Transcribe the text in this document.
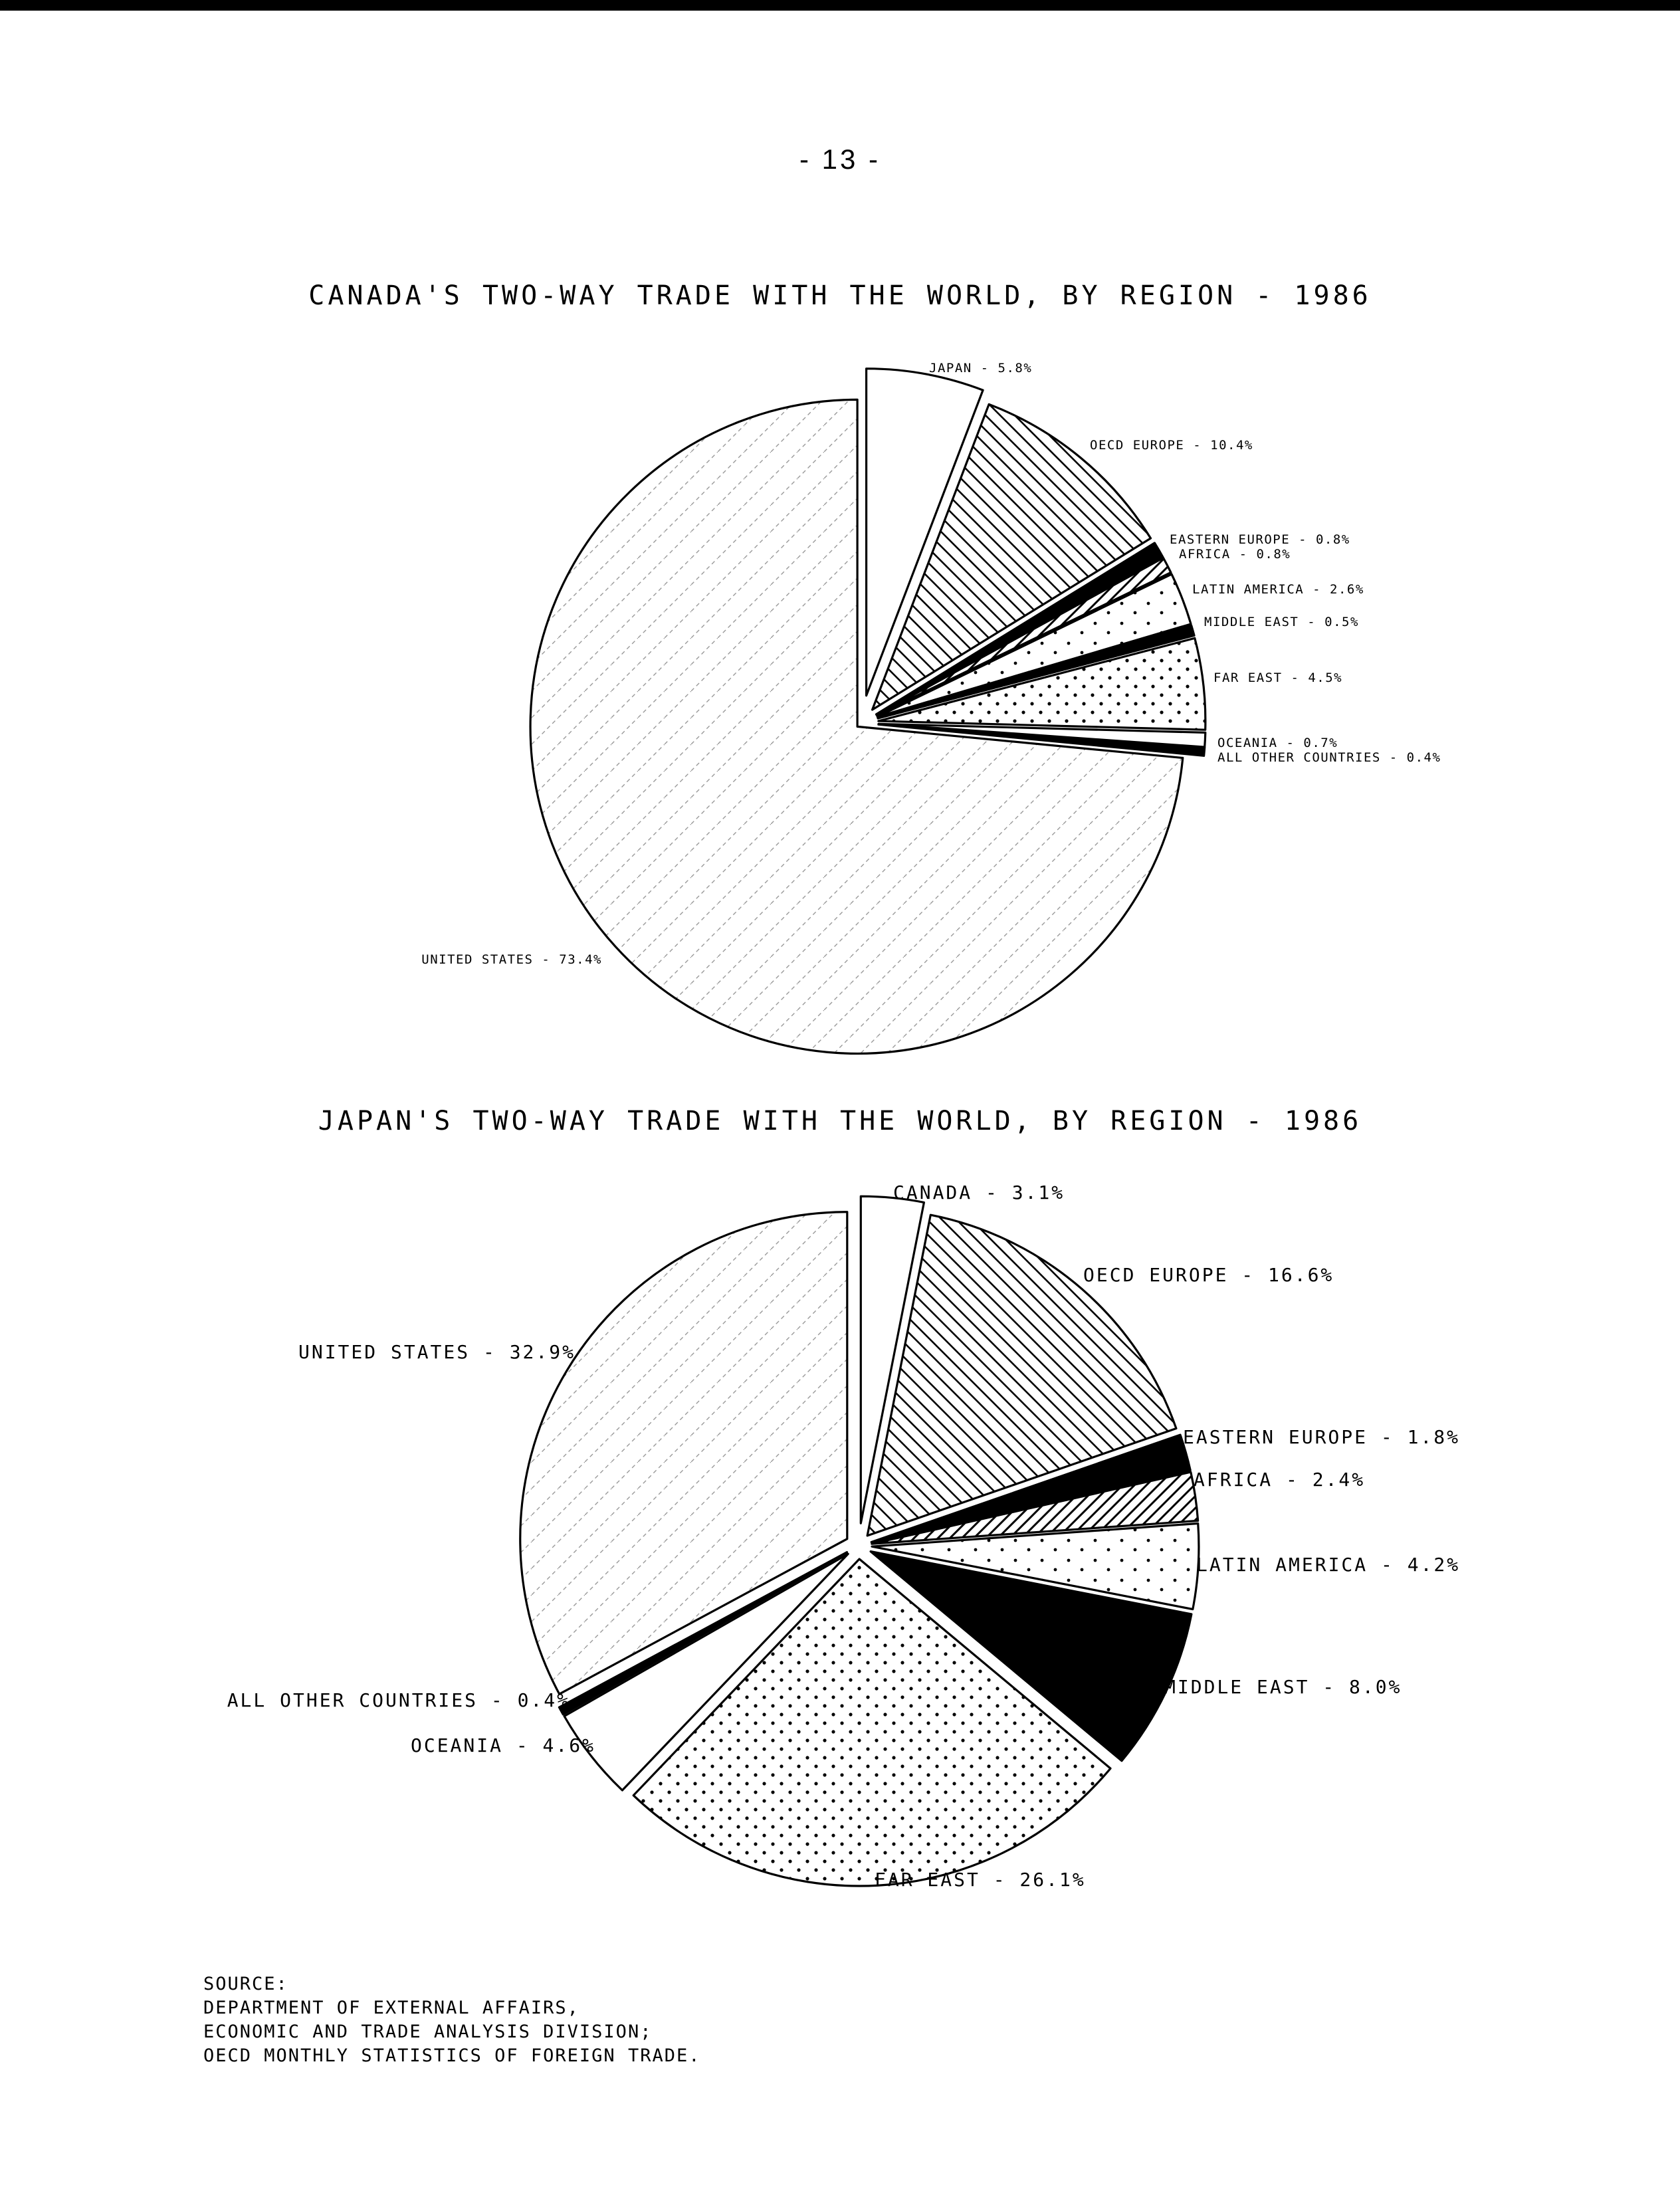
- 13 -
CANADA'S TWO-WAY TRADE WITH THE WORLD, BY REGION - 1986
JAPAN - 5.8%
OECD EUROPE - 10.4%
EASTERN EUROPE - 0.8%
AFRICA - 0.8%
LATIN AMERICA - 2.6%
MIDDLE EAST - 0.5%
FAR EAST - 4.5%
OCEANIA - 0.7%
ALL OTHER COUNTRIES - 0.4%
UNITED STATES - 73.4%
JAPAN'S TWO-WAY TRADE WITH THE WORLD, BY REGION - 1986
CANADA - 3.1%
OECD EUROPE - 16.6%
EASTERN EUROPE - 1.8%
AFRICA - 2.4%
LATIN AMERICA - 4.2%
MIDDLE EAST - 8.0%
FAR EAST - 26.1%
OCEANIA - 4.6%
ALL OTHER COUNTRIES - 0.4%
UNITED STATES - 32.9%
SOURCE:
DEPARTMENT OF EXTERNAL AFFAIRS,
ECONOMIC AND TRADE ANALYSIS DIVISION;
OECD MONTHLY STATISTICS OF FOREIGN TRADE.
